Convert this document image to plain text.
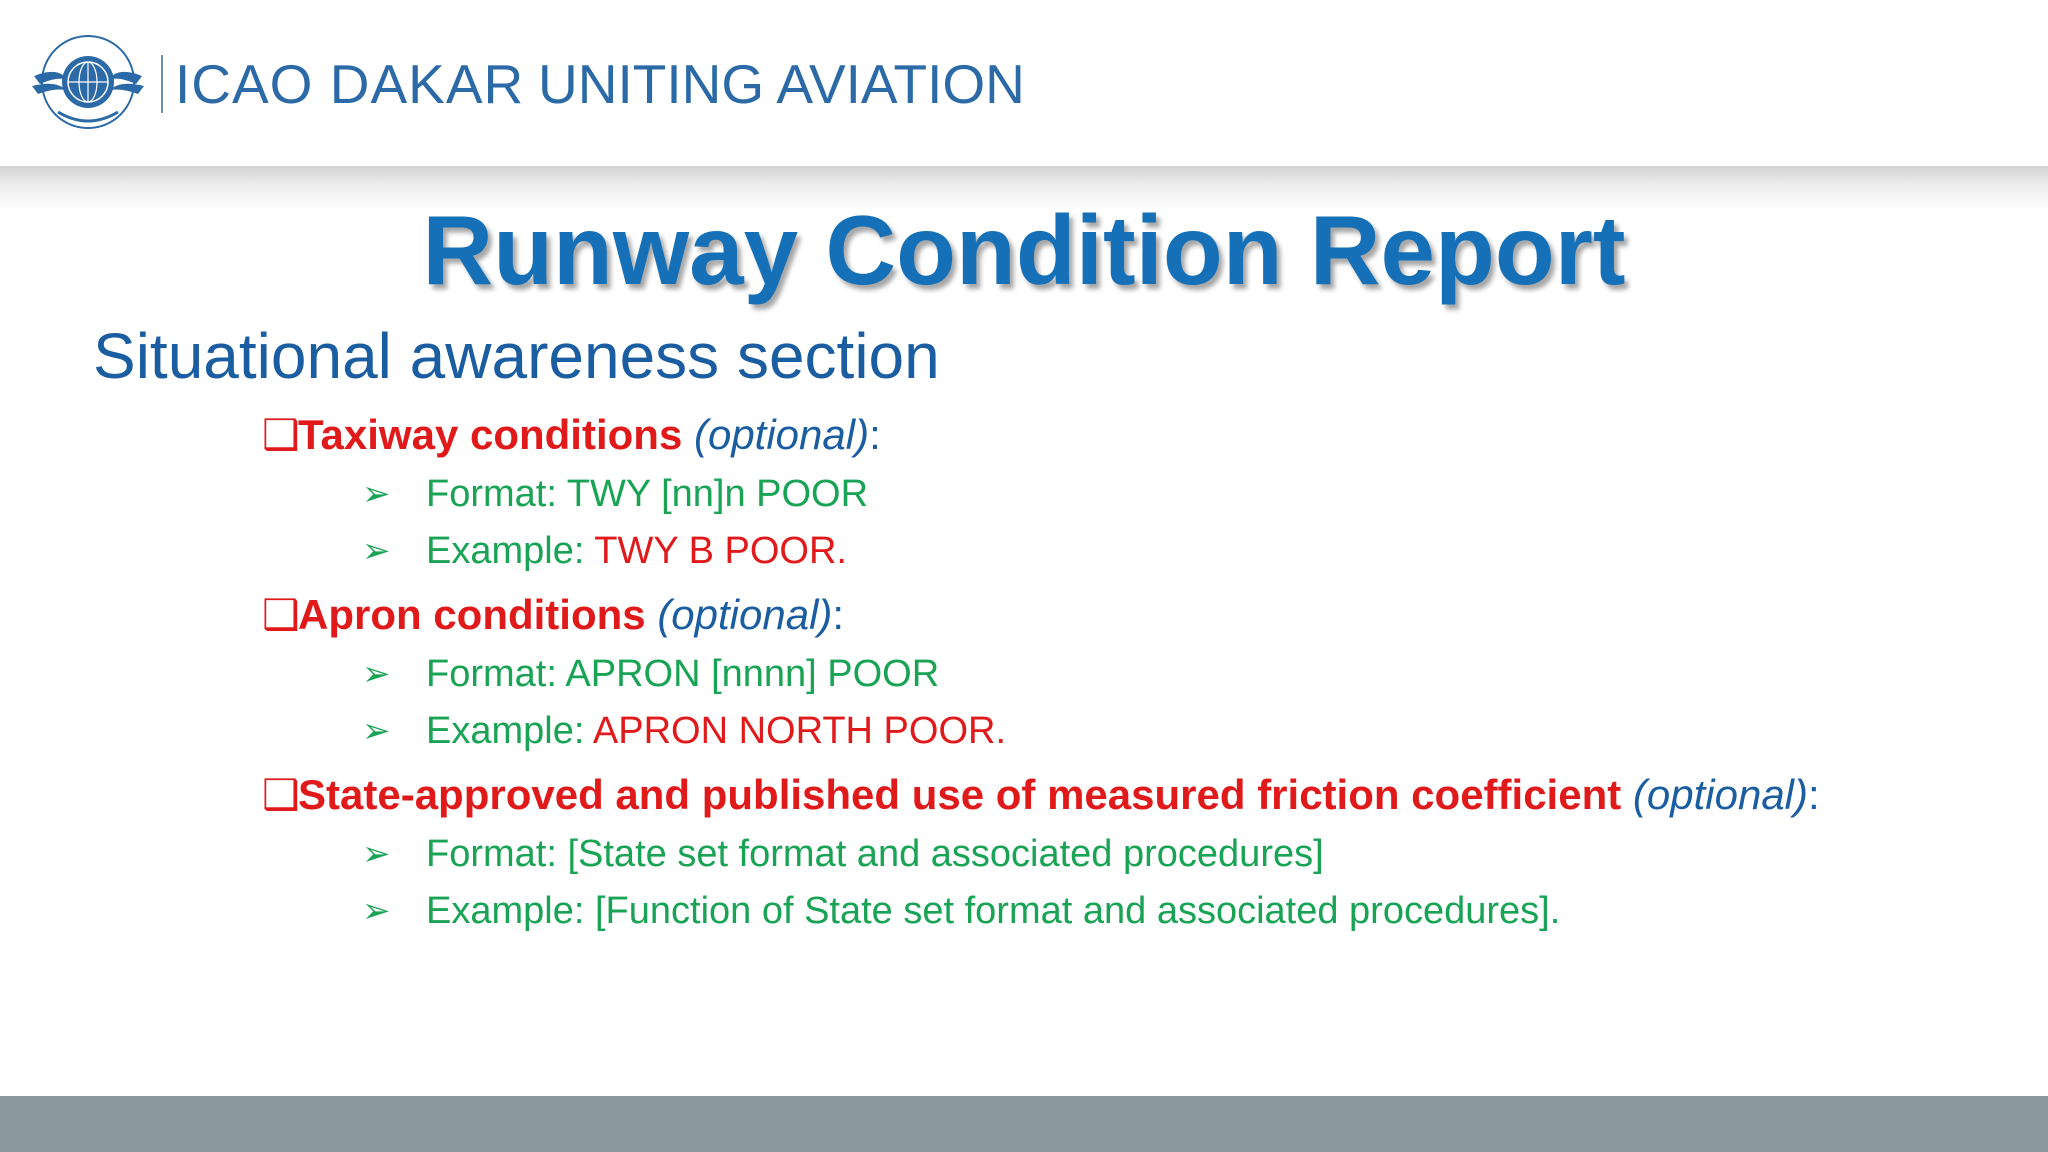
ICAO DAKAR UNITING AVIATION
Runway Condition Report
Situational awareness section
❑Taxiway conditions (optional):
➢ Format: TWY [nn]n POOR
➢ Example: TWY B POOR.
❑Apron conditions (optional):
➢ Format: APRON [nnnn] POOR
➢ Example: APRON NORTH POOR.
❑State-approved and published use of measured friction coefficient (optional):
➢ Format: [State set format and associated procedures]
➢ Example: [Function of State set format and associated procedures].
